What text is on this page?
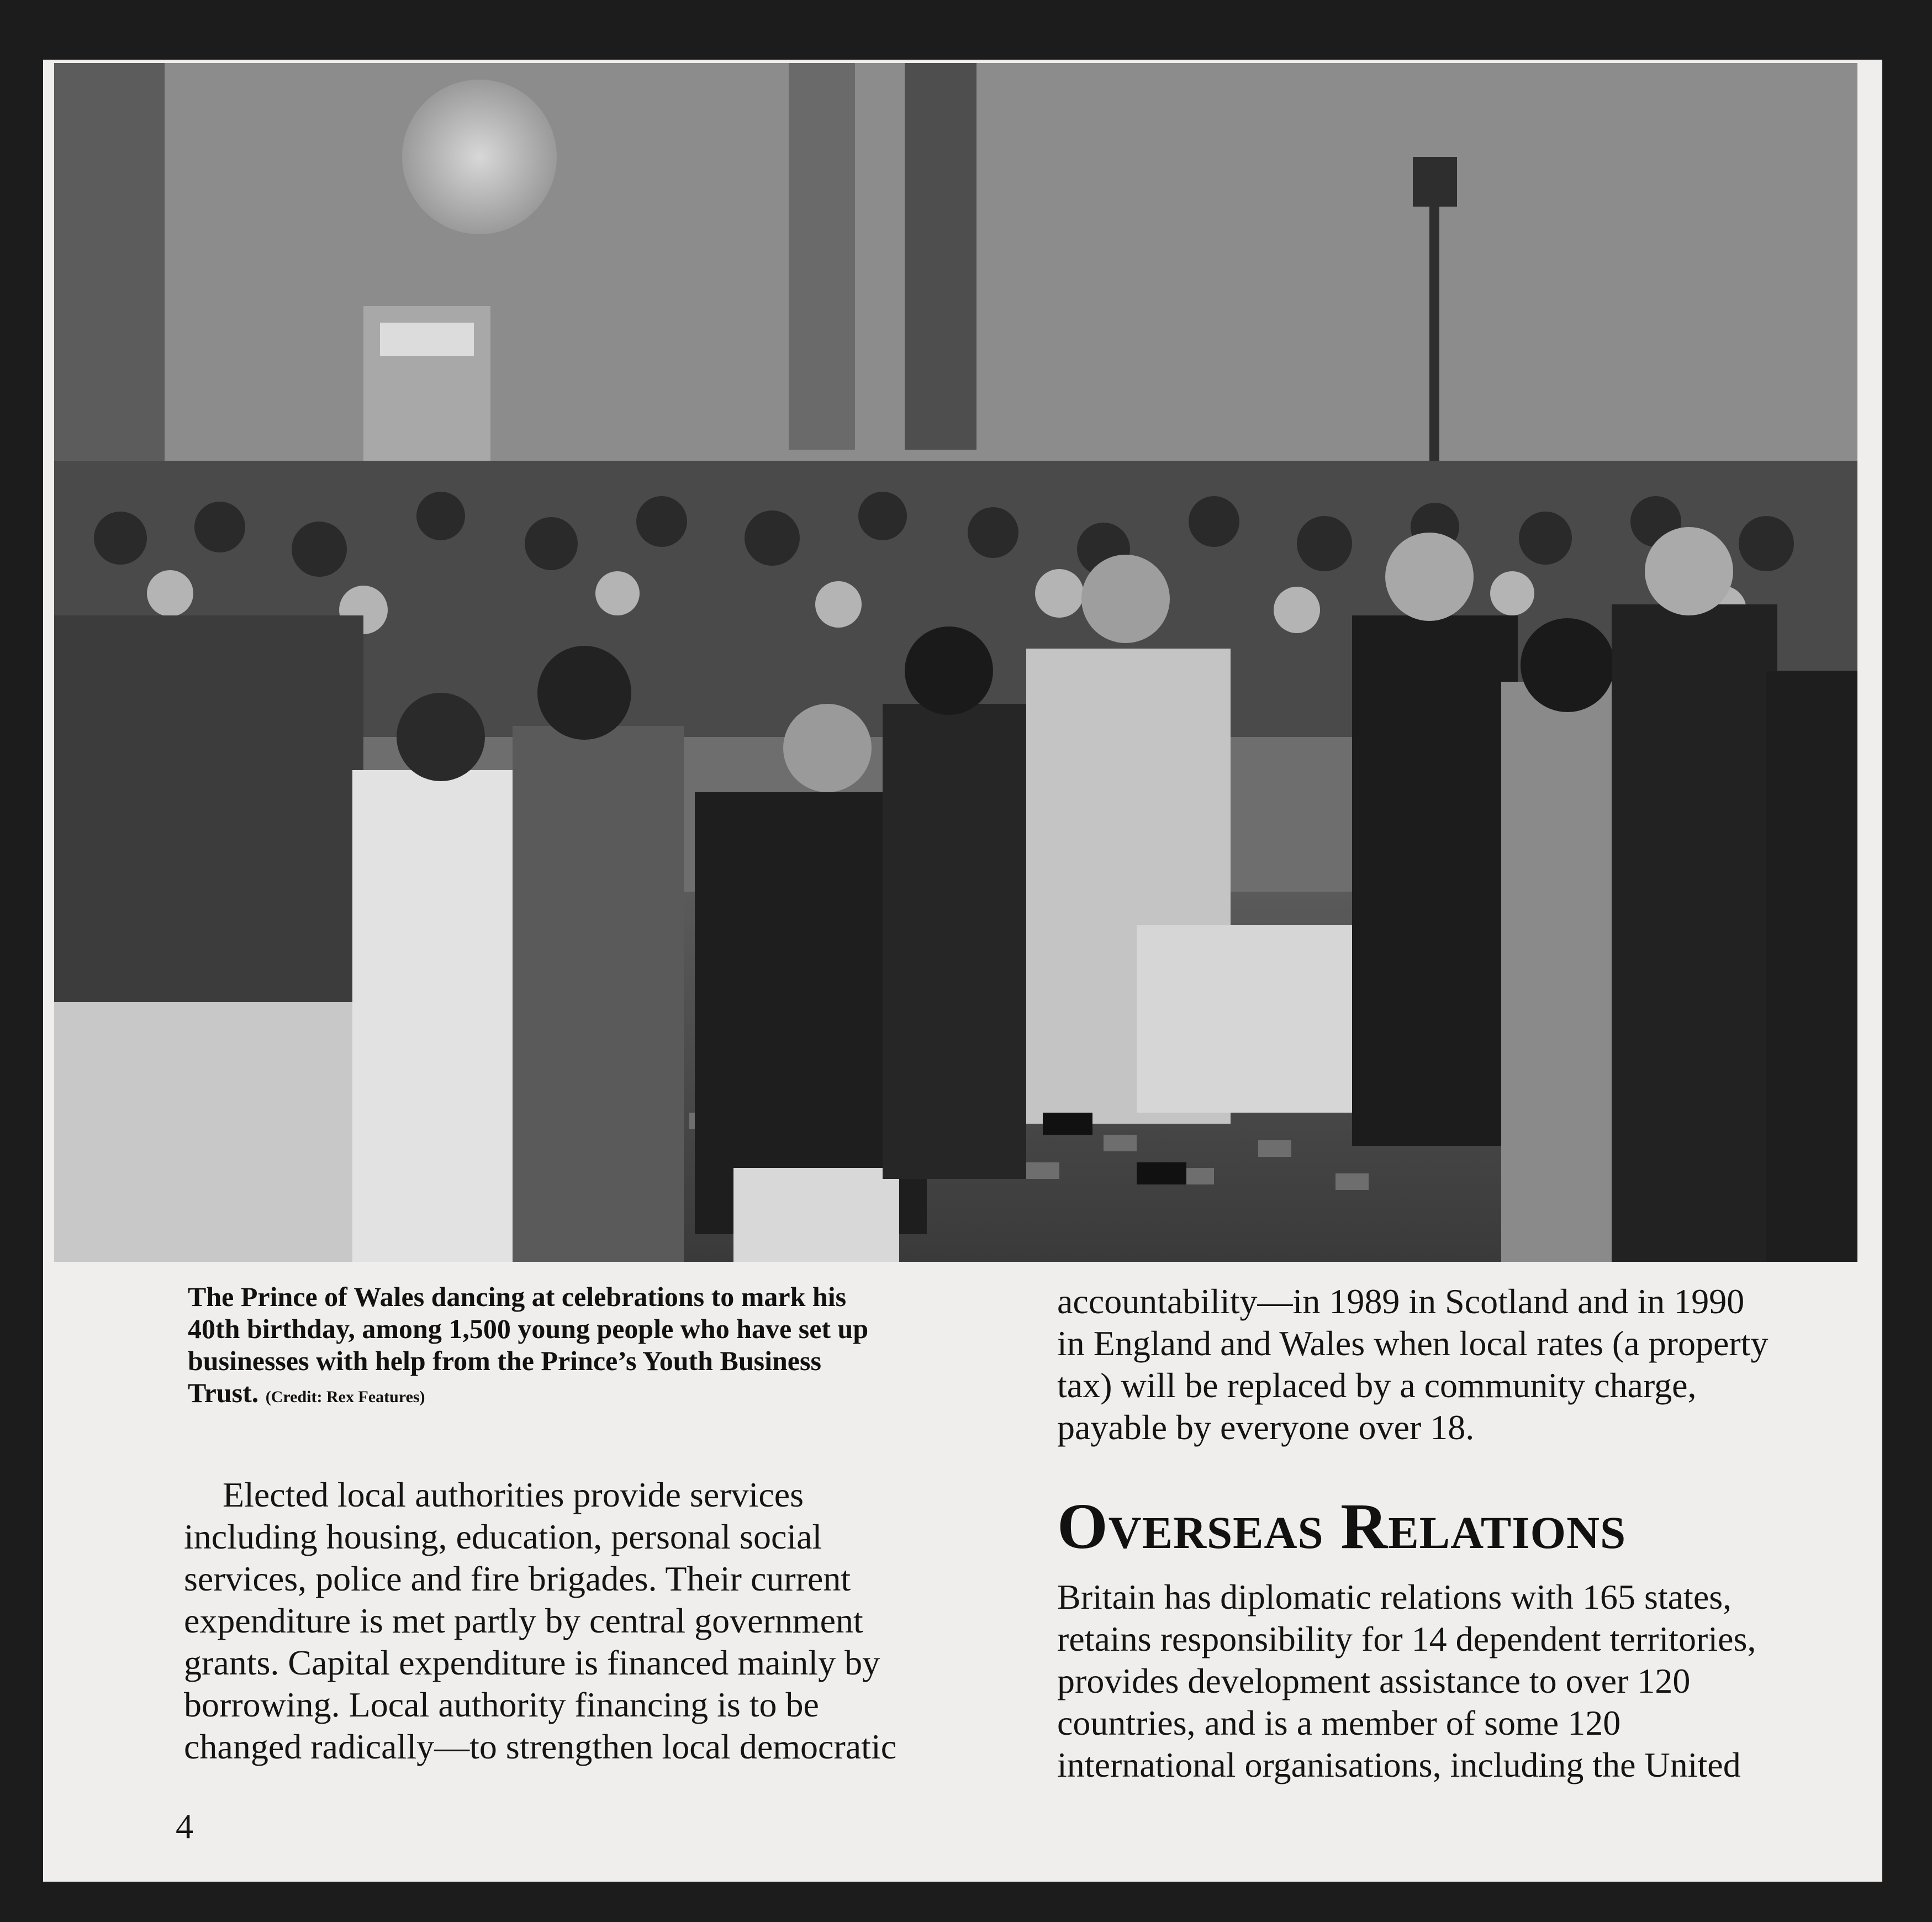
The Prince of Wales dancing at celebrations to mark his
40th birthday, among 1,500 young people who have set up
businesses with help from the Prince’s Youth Business
Trust. (Credit: Rex Features)

accountability—in 1989 in Scotland and in 1990
in England and Wales when local rates (a property
tax) will be replaced by a community charge,
payable by everyone over 18.

Elected local authorities provide services
including housing, education, personal social
services, police and fire brigades. Their current
expenditure is met partly by central government
grants. Capital expenditure is financed mainly by
borrowing. Local authority financing is to be
changed radically—to strengthen local democratic

Overseas Relations

Britain has diplomatic relations with 165 states,
retains responsibility for 14 dependent territories,
provides development assistance to over 120
countries, and is a member of some 120
international organisations, including the United

4
